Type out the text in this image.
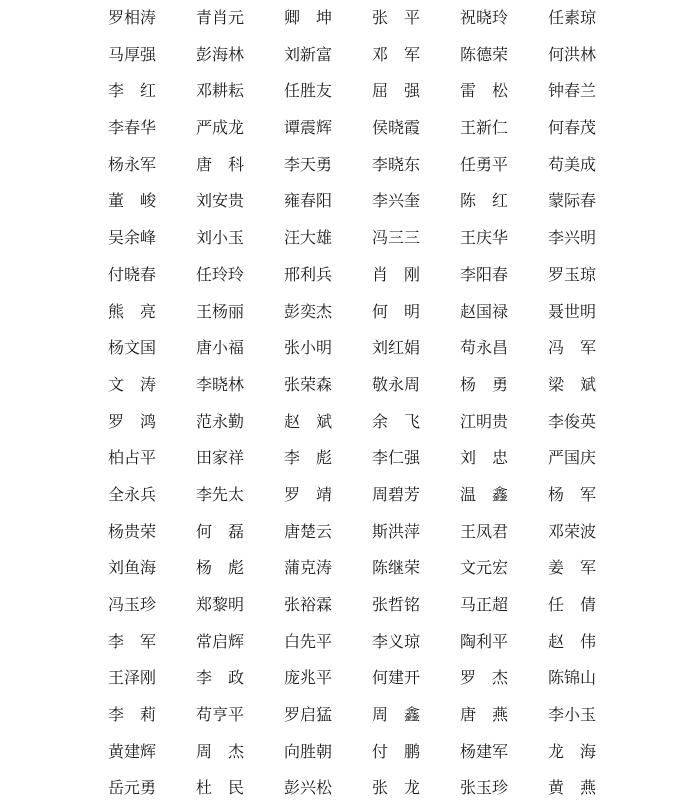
罗相涛	青肖元	卿坤	张平	祝晓玲	任素琼
马厚强	彭海林	刘新富	邓军	陈德荣	何洪林
李红	邓耕耘	任胜友	屈强	雷松	钟春兰
李春华	严成龙	谭震辉	侯晓霞	王新仁	何春茂
杨永军	唐科	李天勇	李晓东	任勇平	苟美成
董峻	刘安贵	雍春阳	李兴奎	陈红	蒙际春
吴余峰	刘小玉	汪大雄	冯三三	王庆华	李兴明
付晓春	任玲玲	邢利兵	肖刚	李阳春	罗玉琼
熊亮	王杨丽	彭奕杰	何明	赵国禄	聂世明
杨文国	唐小福	张小明	刘红娟	苟永昌	冯军
文涛	李晓林	张荣森	敬永周	杨勇	梁斌
罗鸿	范永勤	赵斌	余飞	江明贵	李俊英
柏占平	田家祥	李彪	李仁强	刘忠	严国庆
全永兵	李先太	罗靖	周碧芳	温鑫	杨军
杨贵荣	何磊	唐楚云	斯洪萍	王凤君	邓荣波
刘鱼海	杨彪	蒲克涛	陈继荣	文元宏	姜军
冯玉珍	郑黎明	张裕霖	张哲铭	马正超	任倩
李军	常启辉	白先平	李义琼	陶利平	赵伟
王泽刚	李政	庞兆平	何建开	罗杰	陈锦山
李莉	苟亨平	罗启猛	周鑫	唐燕	李小玉
黄建辉	周杰	向胜朝	付鹏	杨建军	龙海
岳元勇	杜民	彭兴松	张龙	张玉珍	黄燕
